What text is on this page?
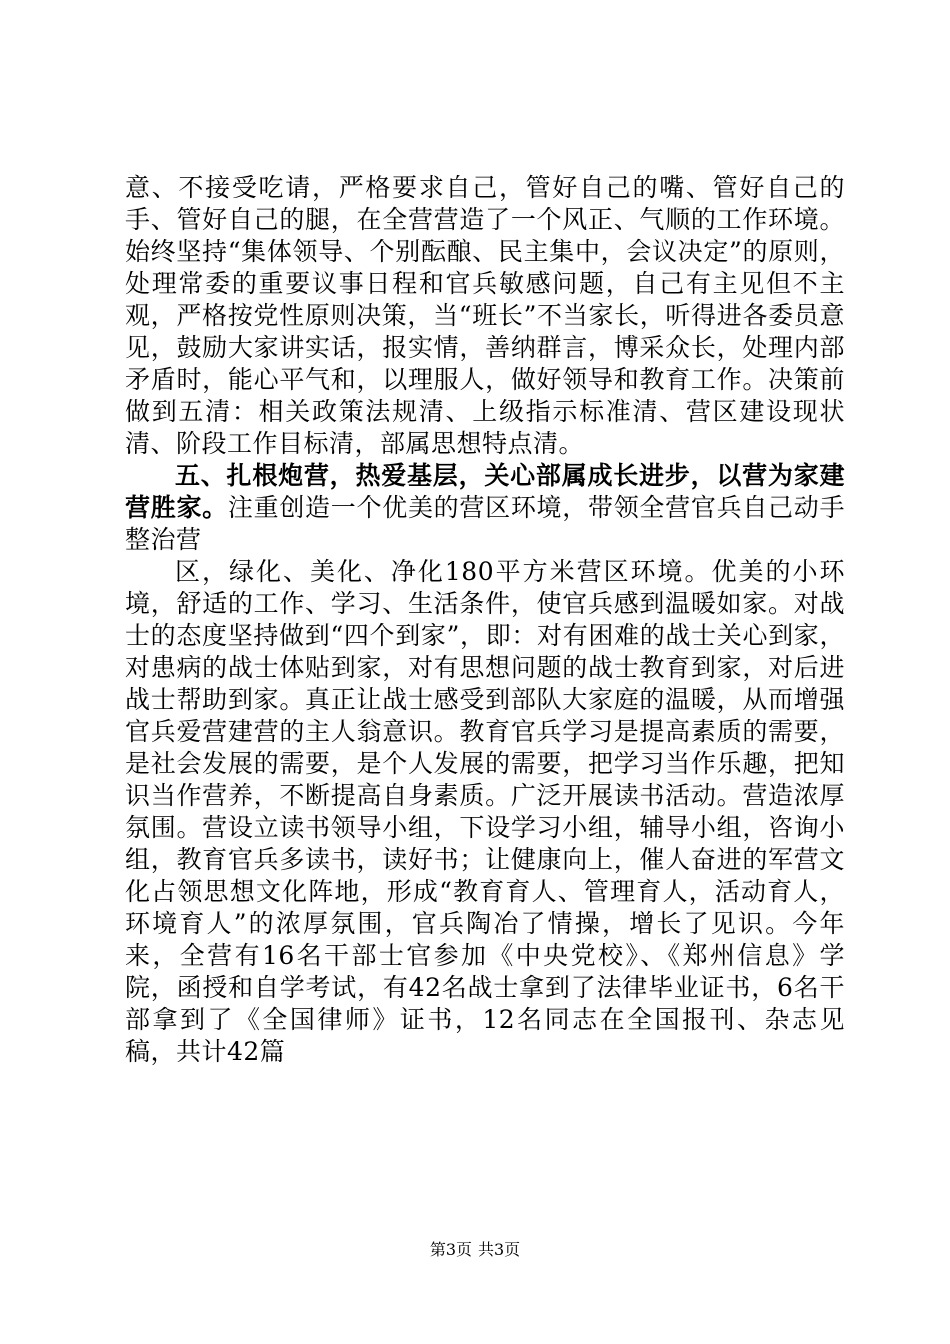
意、不接受吃请，严格要求自己，管好自己的嘴、管好自己的手、管好自己的腿，在全营营造了一个风正、气顺的工作环境。始终坚持“集体领导、个别酝酿、民主集中，会议决定”的原则，处理常委的重要议事日程和官兵敏感问题，自己有主见但不主观，严格按党性原则决策，当“班长”不当家长，听得进各委员意见，鼓励大家讲实话，报实情，善纳群言，博采众长，处理内部矛盾时，能心平气和，以理服人，做好领导和教育工作。决策前做到五清：相关政策法规清、上级指示标准清、营区建设现状清、阶段工作目标清，部属思想特点清。

五、扎根炮营，热爱基层，关心部属成长进步，以营为家建营胜家。注重创造一个优美的营区环境，带领全营官兵自己动手整治营

区，绿化、美化、净化180平方米营区环境。优美的小环境，舒适的工作、学习、生活条件，使官兵感到温暖如家。对战士的态度坚持做到“四个到家”，即：对有困难的战士关心到家，对患病的战士体贴到家，对有思想问题的战士教育到家，对后进战士帮助到家。真正让战士感受到部队大家庭的温暖，从而增强官兵爱营建营的主人翁意识。教育官兵学习是提高素质的需要，是社会发展的需要，是个人发展的需要，把学习当作乐趣，把知识当作营养，不断提高自身素质。广泛开展读书活动。营造浓厚氛围。营设立读书领导小组，下设学习小组，辅导小组，咨询小组，教育官兵多读书，读好书；让健康向上，催人奋进的军营文化占领思想文化阵地，形成“教育育人、管理育人，活动育人，环境育人”的浓厚氛围，官兵陶冶了情操，增长了见识。今年来，全营有16名干部士官参加《中央党校》、《郑州信息》学院，函授和自学考试，有42名战士拿到了法律毕业证书，6名干部拿到了《全国律师》证书，12名同志在全国报刊、杂志见稿，共计42篇

第3页 共3页
